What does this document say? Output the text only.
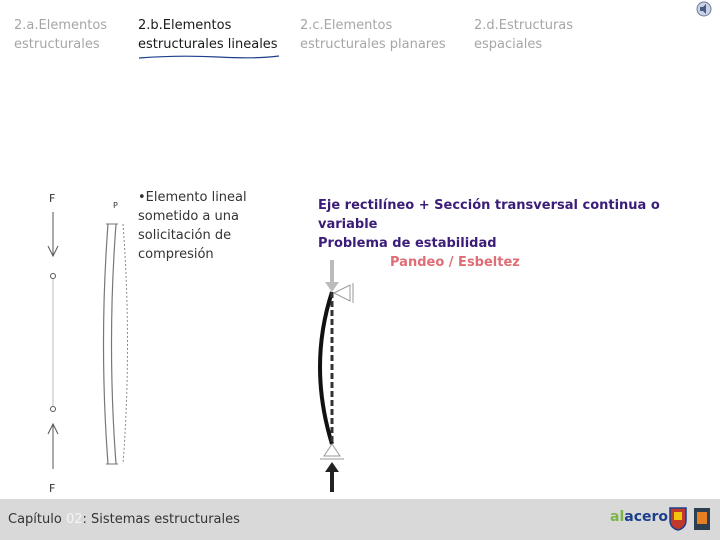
2.a.Elementos
estructurales
2.b.Elementos
estructurales lineales
2.c.Elementos
estructurales planares
2.d.Estructuras
espaciales
•Elemento lineal
sometido a una
solicitación de
compresión
Eje rectilíneo + Sección transversal continua o variable
Problema de estabilidad
Pandeo / Esbeltez
F
F
P
Capítulo 02: Sistemas estructurales	alacero
